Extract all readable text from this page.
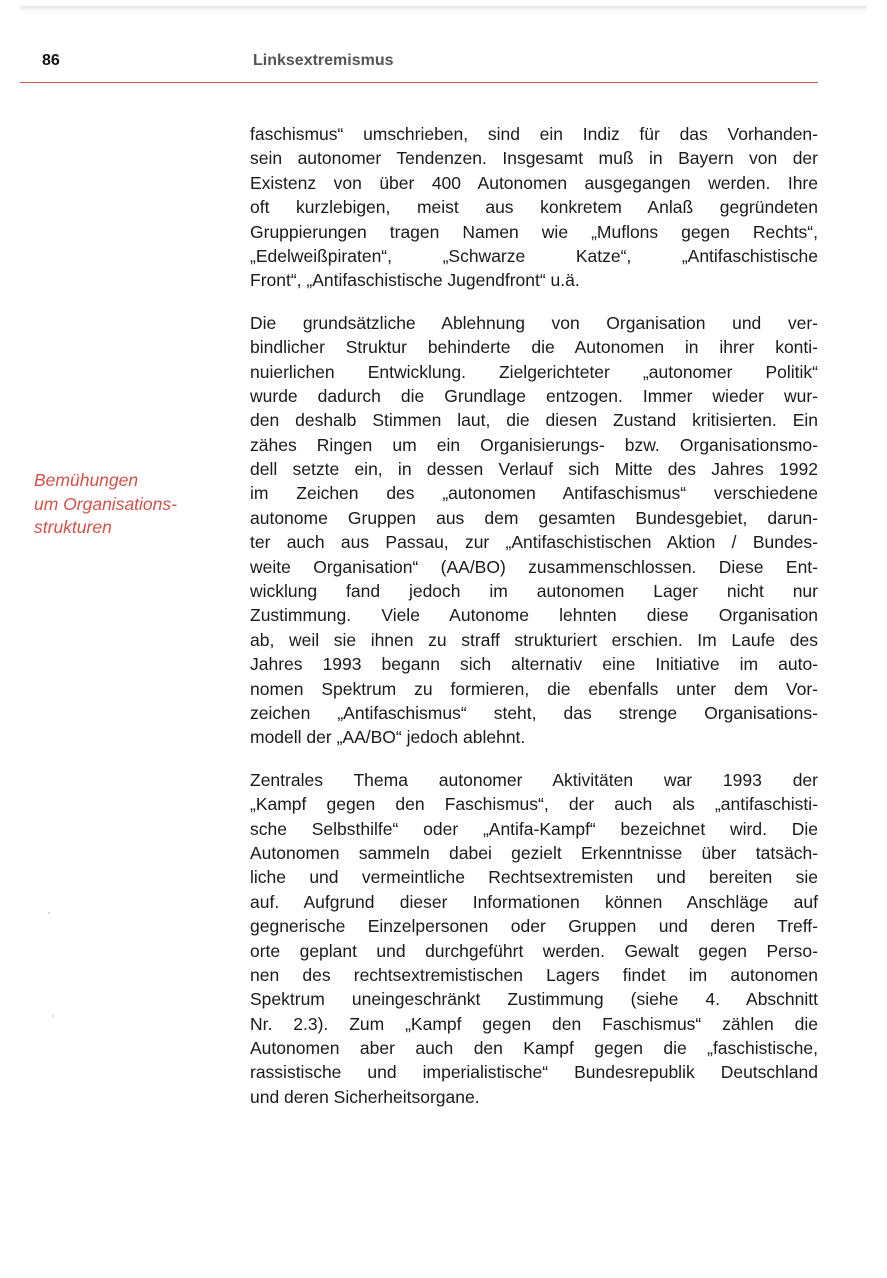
86	Linksextremismus
Bemühungen
um Organisations-
strukturen

faschismus“ umschrieben, sind ein Indiz für das Vorhanden-
sein autonomer Tendenzen. Insgesamt muß in Bayern von der
Existenz von über 400 Autonomen ausgegangen werden. Ihre
oft kurzlebigen, meist aus konkretem Anlaß gegründeten
Gruppierungen tragen Namen wie „Muflons gegen Rechts“,
„Edelweißpiraten“, „Schwarze Katze“, „Antifaschistische
Front“, „Antifaschistische Jugendfront“ u.ä.

Die grundsätzliche Ablehnung von Organisation und ver-
bindlicher Struktur behinderte die Autonomen in ihrer konti-
nuierlichen Entwicklung. Zielgerichteter „autonomer Politik“
wurde dadurch die Grundlage entzogen. Immer wieder wur-
den deshalb Stimmen laut, die diesen Zustand kritisierten. Ein
zähes Ringen um ein Organisierungs- bzw. Organisationsmo-
dell setzte ein, in dessen Verlauf sich Mitte des Jahres 1992
im Zeichen des „autonomen Antifaschismus“ verschiedene
autonome Gruppen aus dem gesamten Bundesgebiet, darun-
ter auch aus Passau, zur „Antifaschistischen Aktion / Bundes-
weite Organisation“ (AA/BO) zusammenschlossen. Diese Ent-
wicklung fand jedoch im autonomen Lager nicht nur
Zustimmung. Viele Autonome lehnten diese Organisation
ab, weil sie ihnen zu straff strukturiert erschien. Im Laufe des
Jahres 1993 begann sich alternativ eine Initiative im auto-
nomen Spektrum zu formieren, die ebenfalls unter dem Vor-
zeichen „Antifaschismus“ steht, das strenge Organisations-
modell der „AA/BO“ jedoch ablehnt.

Zentrales Thema autonomer Aktivitäten war 1993 der
„Kampf gegen den Faschismus“, der auch als „antifaschisti-
sche Selbsthilfe“ oder „Antifa-Kampf“ bezeichnet wird. Die
Autonomen sammeln dabei gezielt Erkenntnisse über tatsäch-
liche und vermeintliche Rechtsextremisten und bereiten sie
auf. Aufgrund dieser Informationen können Anschläge auf
gegnerische Einzelpersonen oder Gruppen und deren Treff-
orte geplant und durchgeführt werden. Gewalt gegen Perso-
nen des rechtsextremistischen Lagers findet im autonomen
Spektrum uneingeschränkt Zustimmung (siehe 4. Abschnitt
Nr. 2.3). Zum „Kampf gegen den Faschismus“ zählen die
Autonomen aber auch den Kampf gegen die „faschistische,
rassistische und imperialistische“ Bundesrepublik Deutschland
und deren Sicherheitsorgane.
